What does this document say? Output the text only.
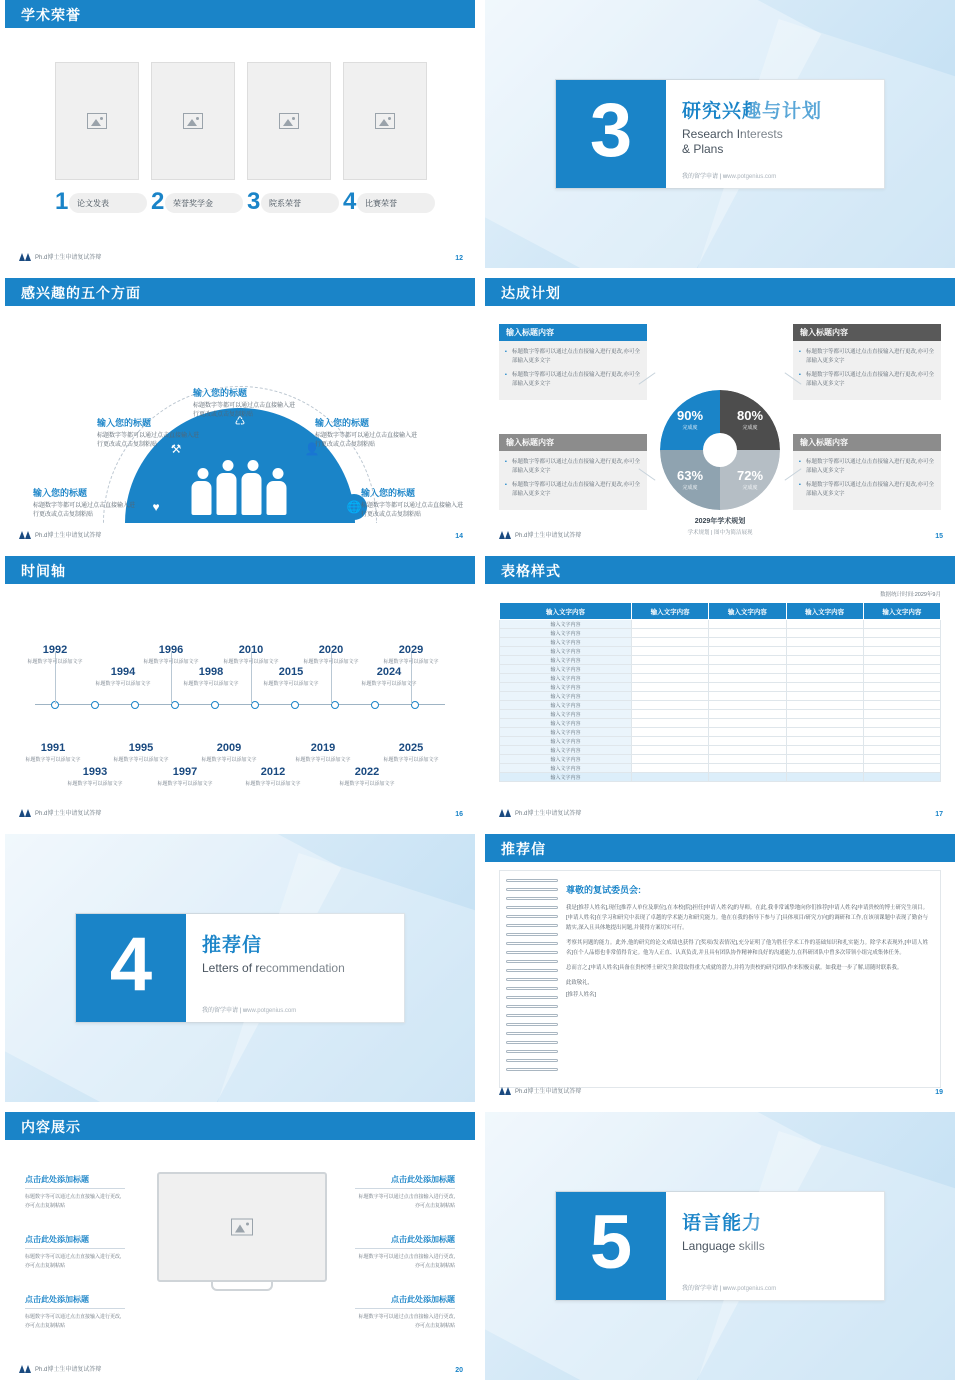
学术荣誉
1 论文发表 2 荣誉奖学金 3 院系荣誉 4 比赛荣誉
Ph.d博士生申请复试答辩	12
3	研究兴趣与计划
Research Interests
& Plans
我的留学申请 | www.potgenius.com
感兴趣的五个方面
♥
⚒
♺
👤
🌐
输入您的标题
标题数字等都可以通过点击直接输入进行更改或点击复制粘贴
输入您的标题
标题数字等都可以通过点击直接输入进行更改或点击复制粘贴
输入您的标题
标题数字等都可以通过点击直接输入进行更改或点击复制粘贴
输入您的标题
标题数字等都可以通过点击直接输入进行更改或点击复制粘贴
输入您的标题
标题数字等都可以通过点击直接输入进行更改或点击复制粘贴
Ph.d博士生申请复试答辩	14
达成计划
输入标题内容
▪ 标题数字等都可以通过点击直接输入进行更改,亦可全部输入更多文字
▪ 标题数字等都可以通过点击直接输入进行更改,亦可全部输入更多文字
输入标题内容
▪ 标题数字等都可以通过点击直接输入进行更改,亦可全部输入更多文字
▪ 标题数字等都可以通过点击直接输入进行更改,亦可全部输入更多文字
输入标题内容
▪ 标题数字等都可以通过点击直接输入进行更改,亦可全部输入更多文字
▪ 标题数字等都可以通过点击直接输入进行更改,亦可全部输入更多文字
输入标题内容
▪ 标题数字等都可以通过点击直接输入进行更改,亦可全部输入更多文字
▪ 标题数字等都可以通过点击直接输入进行更改,亦可全部输入更多文字
90%
完成度
80%
完成度
63%
完成度
72%
完成度
2029年学术规划
学术规划 | 图中为简洁展现
Ph.d博士生申请复试答辩	15
时间轴
1992
标题数字等可以添加文字
1996
标题数字等可以添加文字
2010
标题数字等可以添加文字
2020
标题数字等可以添加文字
2029
标题数字等可以添加文字
1994
标题数字等可以添加文字
1998
标题数字等可以添加文字
2015
标题数字等可以添加文字
2024
标题数字等可以添加文字
1991
标题数字等可以添加文字
1995
标题数字等可以添加文字
2009
标题数字等可以添加文字
2019
标题数字等可以添加文字
2025
标题数字等可以添加文字
1993
标题数字等可以添加文字
1997
标题数字等可以添加文字
2012
标题数字等可以添加文字
2022
标题数字等可以添加文字
Ph.d博士生申请复试答辩	16
表格样式
数据统计时间:2029年9月
输入文字内容	输入文字内容	输入文字内容	输入文字内容	输入文字内容
输入文字内容				
输入文字内容				
输入文字内容				
输入文字内容				
输入文字内容				
输入文字内容				
输入文字内容				
输入文字内容				
输入文字内容				
输入文字内容				
输入文字内容				
输入文字内容				
输入文字内容				
输入文字内容				
输入文字内容				
输入文字内容				
输入文字内容				
输入文字内容				
Ph.d博士生申请复试答辩	17
4	推荐信
Letters of recommendation
我的留学申请 | www.potgenius.com
推荐信
尊敬的复试委员会:

我是[推荐人姓名],现任[推荐人单位及职位],在本校(院)担任[申请人姓名]的导师。在此,我非常诚挚地向你们推荐[申请人姓名]申请贵校的博士研究生项目。[申请人姓名]在学习和研究中表现了卓越的学术能力和研究能力。他在在我的指导下参与了[具体项目/研究方向]的调研和工作,在该项课题中表现了勤奋与踏实,深入且具体地提出问题,并使得方案切实可行。

考察其问题的能力。此外,他的研究的论文成绩也获得了[奖项/发表情况],充分证明了他为胜任学术工作的基础知识和扎实能力。除学术表现外,[申请人姓名]在个人品德也非常值得肯定。他为人正直、认真负责,并且具有团队协作精神和良好的沟通能力,在科研团队中曾多次带领小组完成集体任务。

总而言之,[申请人姓名]具备在贵校博士研究生阶段取得重大成就的潜力,并将为贵校的研究团队作来积极贡献。如我进一步了解,请随时联系我。

此致敬礼,
[推荐人姓名]
Ph.d博士生申请复试答辩	19
内容展示
点击此处添加标题
标题数字等可以通过点击直接输入进行更改,亦可点击复制粘贴
点击此处添加标题
标题数字等可以通过点击直接输入进行更改,亦可点击复制粘贴
点击此处添加标题
标题数字等可以通过点击直接输入进行更改,亦可点击复制粘贴
点击此处添加标题
标题数字等可以通过点击直接输入进行更改,亦可点击复制粘贴
点击此处添加标题
标题数字等可以通过点击直接输入进行更改,亦可点击复制粘贴
点击此处添加标题
标题数字等可以通过点击直接输入进行更改,亦可点击复制粘贴
Ph.d博士生申请复试答辩	20
5	语言能力
Language skills
我的留学申请 | www.potgenius.com
